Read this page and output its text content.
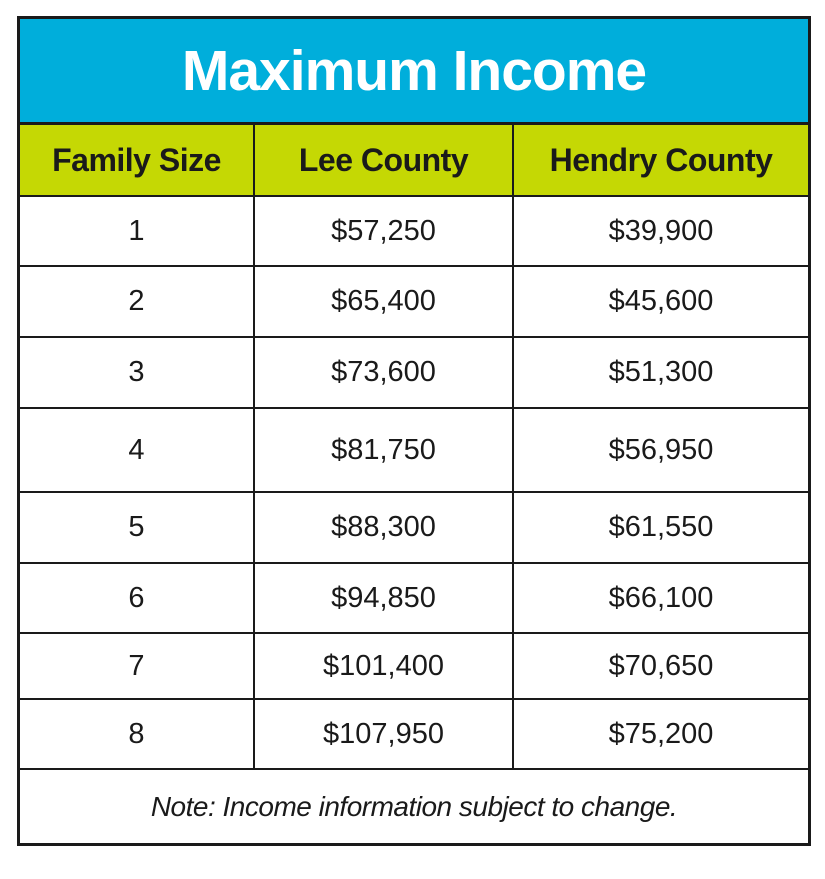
Maximum Income
Family Size	Lee County	Hendry County
1	$57,250	$39,900
2	$65,400	$45,600
3	$73,600	$51,300
4	$81,750	$56,950
5	$88,300	$61,550
6	$94,850	$66,100
7	$101,400	$70,650
8	$107,950	$75,200
Note: Income information subject to change.
